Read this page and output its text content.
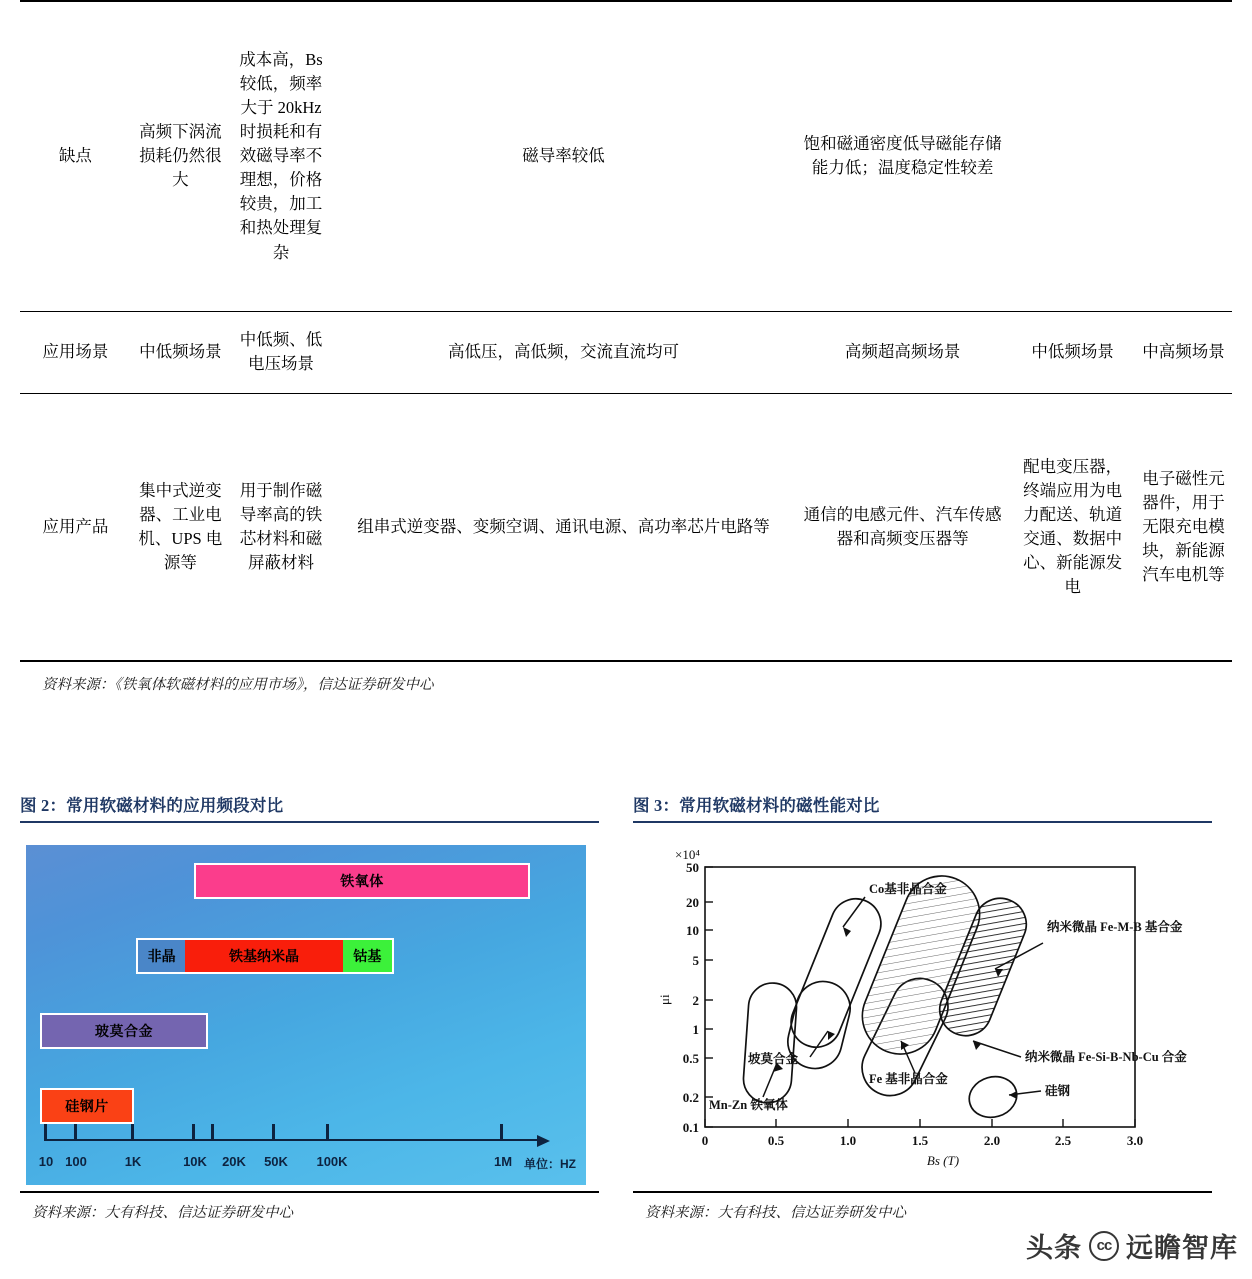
缺点	高频下涡流损耗仍然很大	成本高，Bs 较低，频率大于 20kHz 时损耗和有效磁导率不理想，价格较贵，加工和热处理复杂	磁导率较低	饱和磁通密度低导磁能存储能力低；温度稳定性较差		
应用场景	中低频场景	中低频、低电压场景	高低压，高低频，交流直流均可	高频超高频场景	中低频场景	中高频场景
应用产品	集中式逆变器、工业电机、UPS 电源等	用于制作磁导率高的铁芯材料和磁屏蔽材料	组串式逆变器、变频空调、通讯电源、高功率芯片电路等	通信的电感元件、汽车传感器和高频变压器等	配电变压器，终端应用为电力配送、轨道交通、数据中心、新能源发电	电子磁性元器件，用于无限充电模块，新能源汽车电机等
资料来源：《铁氧体软磁材料的应用市场》，信达证券研发中心
图 2：常用软磁材料的应用频段对比
铁氧体
非晶	铁基纳米晶	钴基
玻莫合金
硅钢片
10 100	1K	10K 20K 50K 100K	1M 单位：HZ
资料来源：大有科技、信达证券研发中心
图 3：常用软磁材料的磁性能对比
×10⁴
μi
50
20
10
5
2
1
0.5
0.2
0.1
0	0.5	1.0	1.5	2.0	2.5	3.0
Bs (T)
Co基非晶合金
坡莫合金
Mn-Zn 铁氧体
Fe 基非晶合金
纳米微晶 Fe-Si-B-Nb-Cu 合金
纳米微晶 Fe-M-B 基合金
硅钢
资料来源：大有科技、信达证券研发中心
头条 cc 远瞻智库
